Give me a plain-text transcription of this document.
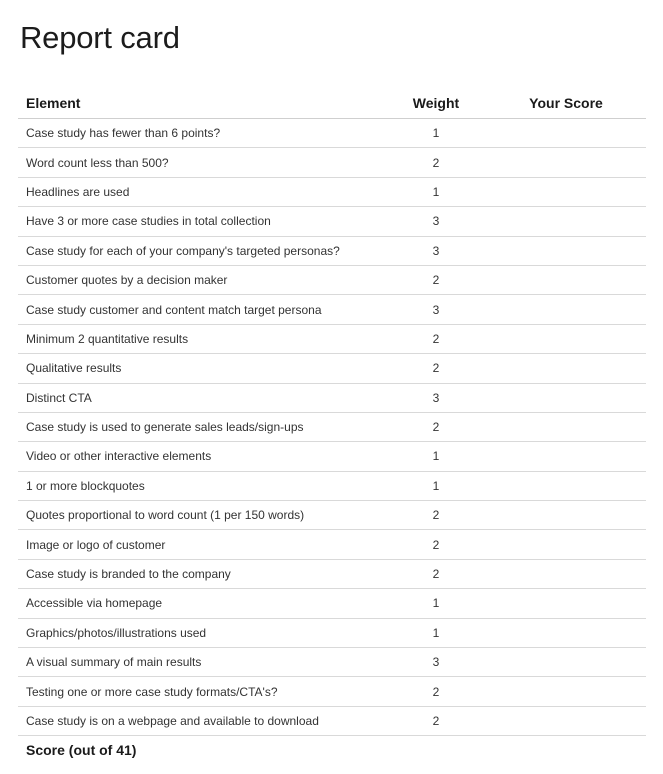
Report card
Element	Weight	Your Score
Case study has fewer than 6 points?	1	
Word count less than 500?	2	
Headlines are used	1	
Have 3 or more case studies in total collection	3	
Case study for each of your company's targeted personas?	3	
Customer quotes by a decision maker	2	
Case study customer and content match target persona	3	
Minimum 2 quantitative results	2	
Qualitative results	2	
Distinct CTA	3	
Case study is used to generate sales leads/sign-ups	2	
Video or other interactive elements	1	
1 or more blockquotes	1	
Quotes proportional to word count (1 per 150 words)	2	
Image or logo of customer	2	
Case study is branded to the company	2	
Accessible via homepage	1	
Graphics/photos/illustrations used	1	
A visual summary of main results	3	
Testing one or more case study formats/CTA's?	2	
Case study is on a webpage and available to download	2	
Score (out of 41)		
